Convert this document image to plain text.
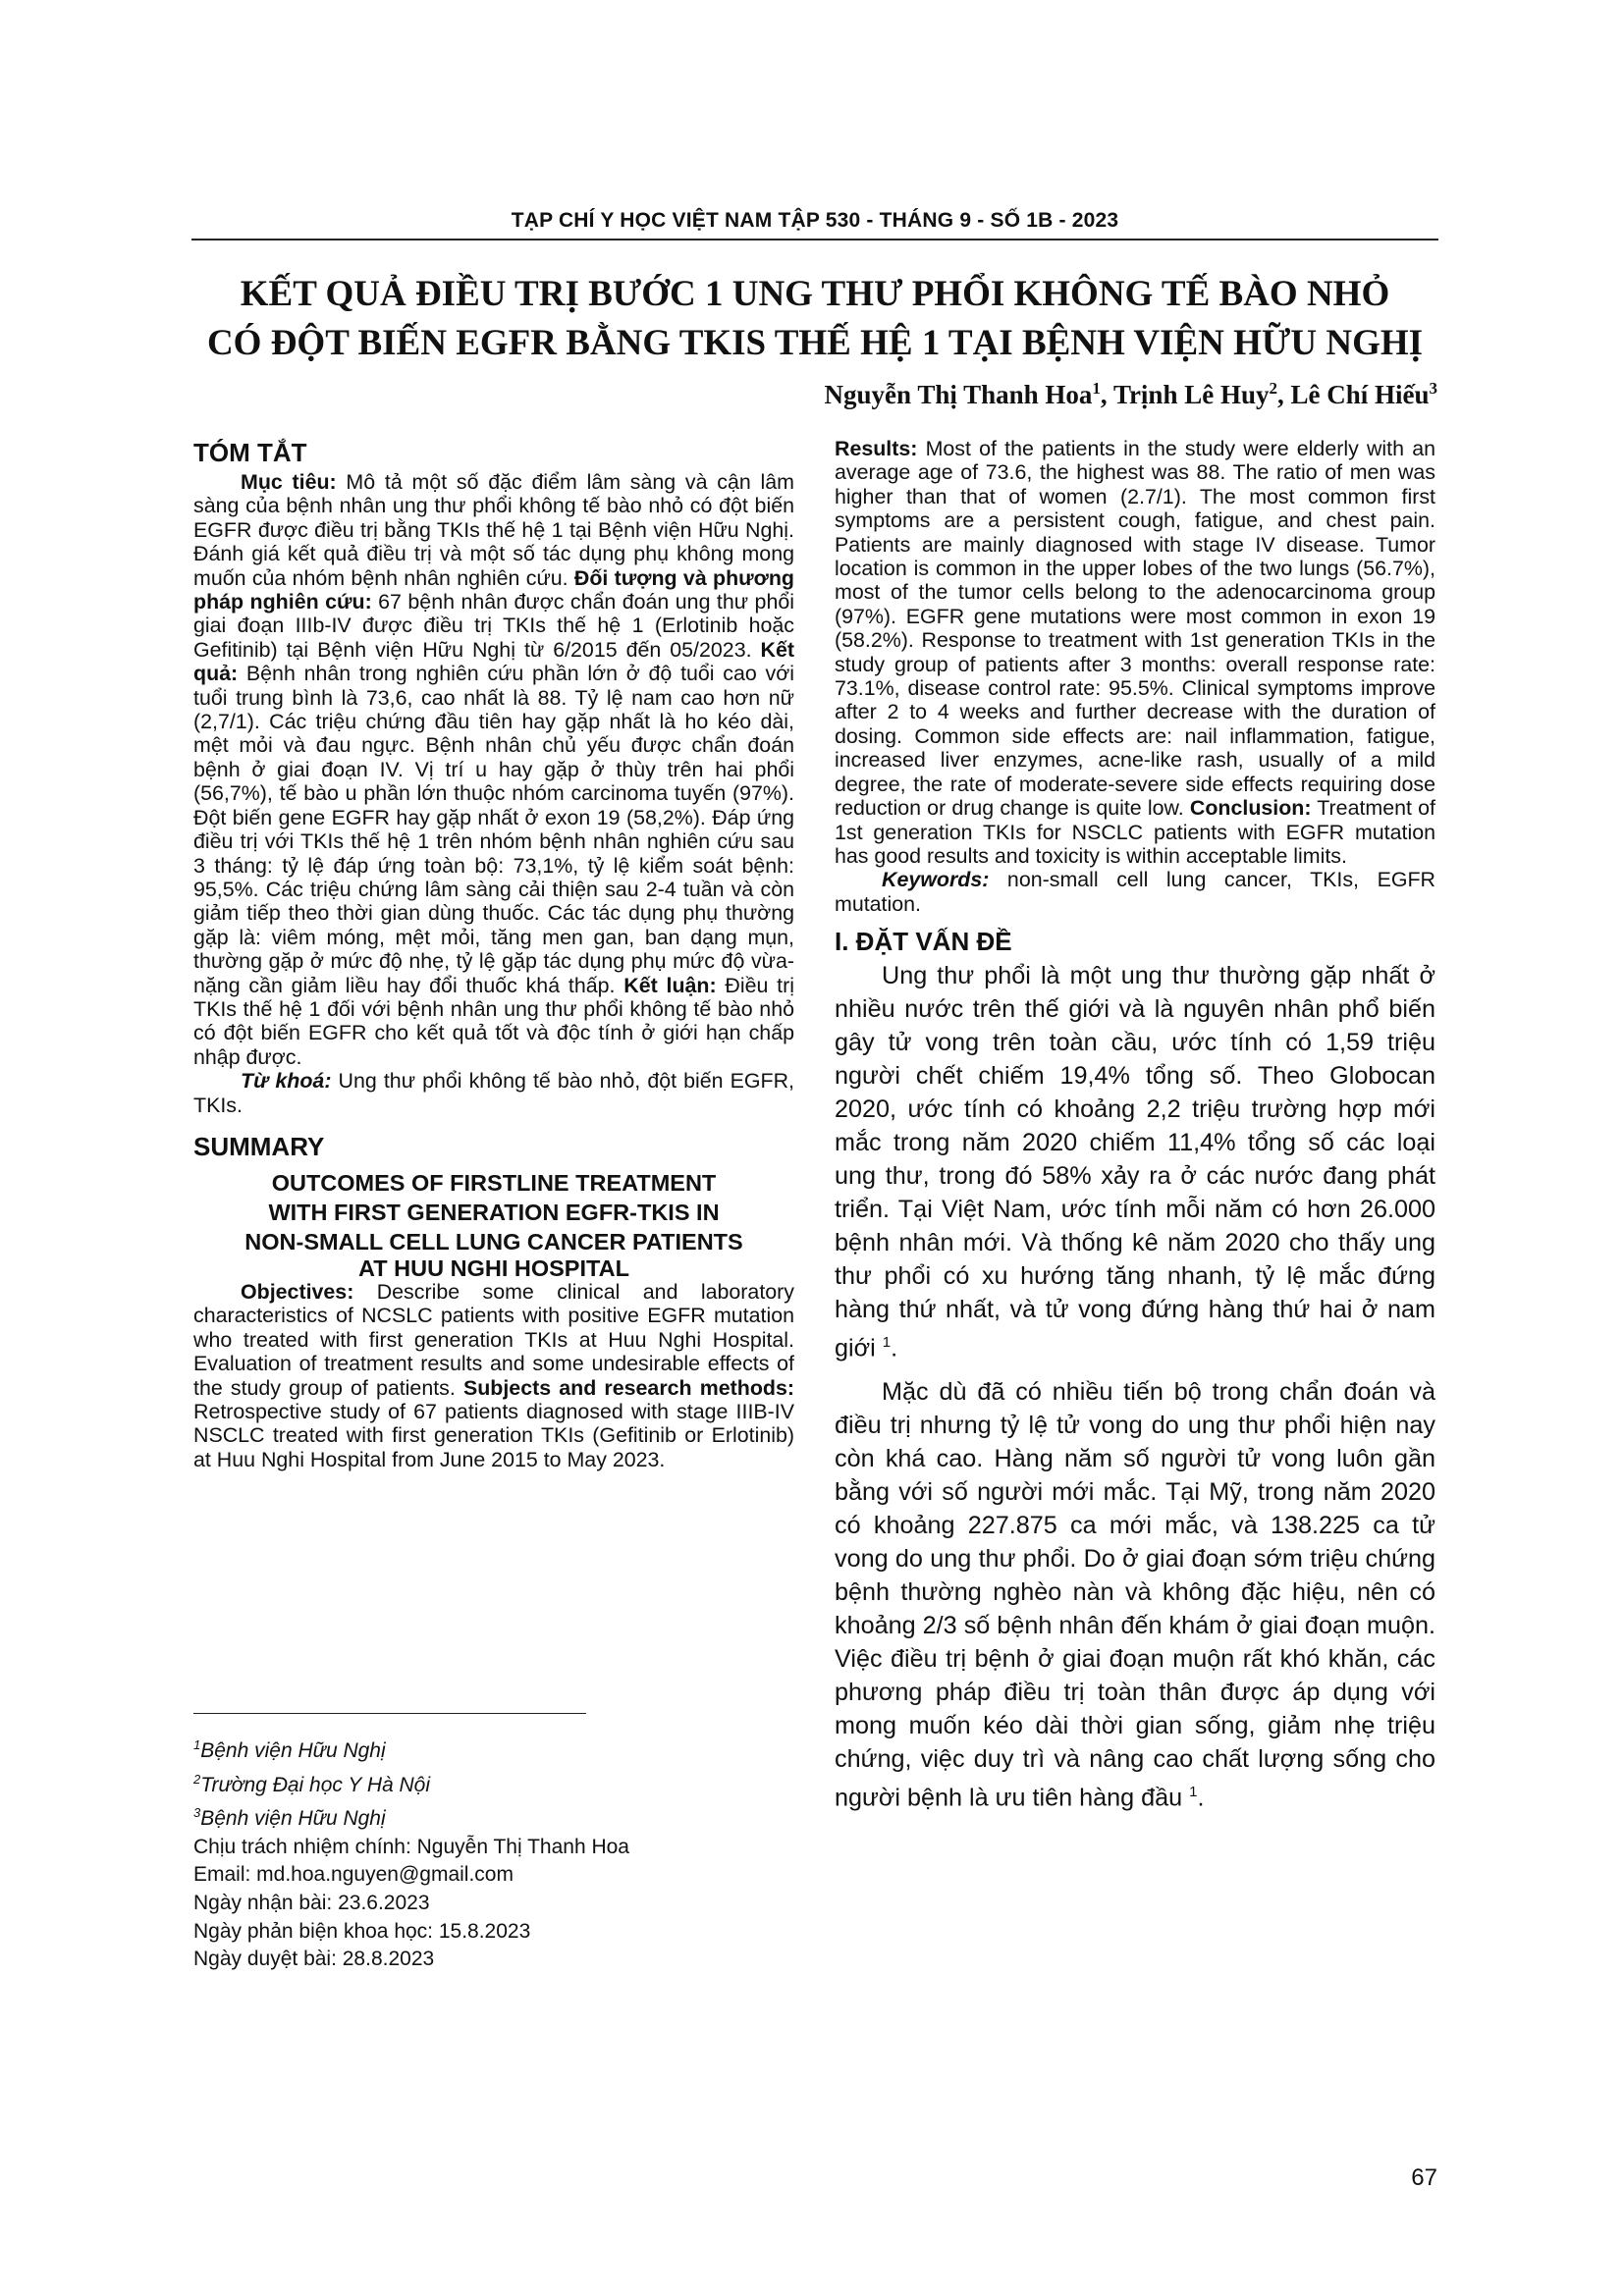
TẠP CHÍ Y HỌC VIỆT NAM TẬP 530 - THÁNG 9 - SỐ 1B - 2023
KẾT QUẢ ĐIỀU TRỊ BƯỚC 1 UNG THƯ PHỔI KHÔNG TẾ BÀO NHỎ
CÓ ĐỘT BIẾN EGFR BẰNG TKIS THẾ HỆ 1 TẠI BỆNH VIỆN HỮU NGHỊ
Nguyễn Thị Thanh Hoa$^1$, Trịnh Lê Huy$^2$, Lê Chí Hiếu$^3$
TÓM TẮT

Mục tiêu: Mô tả một số đặc điểm lâm sàng và cận lâm sàng của bệnh nhân ung thư phổi không tế bào nhỏ có đột biến EGFR được điều trị bằng TKIs thế hệ 1 tại Bệnh viện Hữu Nghị. Đánh giá kết quả điều trị và một số tác dụng phụ không mong muốn của nhóm bệnh nhân nghiên cứu. Đối tượng và phương pháp nghiên cứu: 67 bệnh nhân được chẩn đoán ung thư phổi giai đoạn IIIb-IV được điều trị TKIs thế hệ 1 (Erlotinib hoặc Gefitinib) tại Bệnh viện Hữu Nghị từ 6/2015 đến 05/2023. Kết quả: Bệnh nhân trong nghiên cứu phần lớn ở độ tuổi cao với tuổi trung bình là 73,6, cao nhất là 88. Tỷ lệ nam cao hơn nữ (2,7/1). Các triệu chứng đầu tiên hay gặp nhất là ho kéo dài, mệt mỏi và đau ngực. Bệnh nhân chủ yếu được chẩn đoán bệnh ở giai đoạn IV. Vị trí u hay gặp ở thùy trên hai phổi (56,7%), tế bào u phần lớn thuộc nhóm carcinoma tuyến (97%). Đột biến gene EGFR hay gặp nhất ở exon 19 (58,2%). Đáp ứng điều trị với TKIs thế hệ 1 trên nhóm bệnh nhân nghiên cứu sau 3 tháng: tỷ lệ đáp ứng toàn bộ: 73,1%, tỷ lệ kiểm soát bệnh: 95,5%. Các triệu chứng lâm sàng cải thiện sau 2-4 tuần và còn giảm tiếp theo thời gian dùng thuốc. Các tác dụng phụ thường gặp là: viêm móng, mệt mỏi, tăng men gan, ban dạng mụn, thường gặp ở mức độ nhẹ, tỷ lệ gặp tác dụng phụ mức độ vừa-nặng cần giảm liều hay đổi thuốc khá thấp. Kết luận: Điều trị TKIs thế hệ 1 đối với bệnh nhân ung thư phổi không tế bào nhỏ có đột biến EGFR cho kết quả tốt và độc tính ở giới hạn chấp nhập được.

Từ khoá: Ung thư phổi không tế bào nhỏ, đột biến EGFR, TKIs.

SUMMARY

OUTCOMES OF FIRSTLINE TREATMENT

WITH FIRST GENERATION EGFR-TKIS IN

NON-SMALL CELL LUNG CANCER PATIENTS

AT HUU NGHI HOSPITAL

Objectives: Describe some clinical and laboratory characteristics of NCSLC patients with positive EGFR mutation who treated with first generation TKIs at Huu Nghi Hospital. Evaluation of treatment results and some undesirable effects of the study group of patients. Subjects and research methods: Retrospective study of 67 patients diagnosed with stage IIIB-IV NSCLC treated with first generation TKIs (Gefitinib or Erlotinib) at Huu Nghi Hospital from June 2015 to May 2023.

$^1$Bệnh viện Hữu Nghị
$^2$Trường Đại học Y Hà Nội
$^3$Bệnh viện Hữu Nghị
Chịu trách nhiệm chính: Nguyễn Thị Thanh Hoa
Email: md.hoa.nguyen@gmail.com
Ngày nhận bài: 23.6.2023
Ngày phản biện khoa học: 15.8.2023
Ngày duyệt bài: 28.8.2023

Results: Most of the patients in the study were elderly with an average age of 73.6, the highest was 88. The ratio of men was higher than that of women (2.7/1). The most common first symptoms are a persistent cough, fatigue, and chest pain. Patients are mainly diagnosed with stage IV disease. Tumor location is common in the upper lobes of the two lungs (56.7%), most of the tumor cells belong to the adenocarcinoma group (97%). EGFR gene mutations were most common in exon 19 (58.2%). Response to treatment with 1st generation TKIs in the study group of patients after 3 months: overall response rate: 73.1%, disease control rate: 95.5%. Clinical symptoms improve after 2 to 4 weeks and further decrease with the duration of dosing. Common side effects are: nail inflammation, fatigue, increased liver enzymes, acne-like rash, usually of a mild degree, the rate of moderate-severe side effects requiring dose reduction or drug change is quite low. Conclusion: Treatment of 1st generation TKIs for NSCLC patients with EGFR mutation has good results and toxicity is within acceptable limits.

Keywords: non-small cell lung cancer, TKIs, EGFR mutation.

I. ĐẶT VẤN ĐỀ

Ung thư phổi là một ung thư thường gặp nhất ở nhiều nước trên thế giới và là nguyên nhân phổ biến gây tử vong trên toàn cầu, ước tính có 1,59 triệu người chết chiếm 19,4% tổng số. Theo Globocan 2020, ước tính có khoảng 2,2 triệu trường hợp mới mắc trong năm 2020 chiếm 11,4% tổng số các loại ung thư, trong đó 58% xảy ra ở các nước đang phát triển. Tại Việt Nam, ước tính mỗi năm có hơn 26.000 bệnh nhân mới. Và thống kê năm 2020 cho thấy ung thư phổi có xu hướng tăng nhanh, tỷ lệ mắc đứng hàng thứ nhất, và tử vong đứng hàng thứ hai ở nam giới $^1$.

Mặc dù đã có nhiều tiến bộ trong chẩn đoán và điều trị nhưng tỷ lệ tử vong do ung thư phổi hiện nay còn khá cao. Hàng năm số người tử vong luôn gần bằng với số người mới mắc. Tại Mỹ, trong năm 2020 có khoảng 227.875 ca mới mắc, và 138.225 ca tử vong do ung thư phổi. Do ở giai đoạn sớm triệu chứng bệnh thường nghèo nàn và không đặc hiệu, nên có khoảng 2/3 số bệnh nhân đến khám ở giai đoạn muộn. Việc điều trị bệnh ở giai đoạn muộn rất khó khăn, các phương pháp điều trị toàn thân được áp dụng với mong muốn kéo dài thời gian sống, giảm nhẹ triệu chứng, việc duy trì và nâng cao chất lượng sống cho người bệnh là ưu tiên hàng đầu $^1$.

67
